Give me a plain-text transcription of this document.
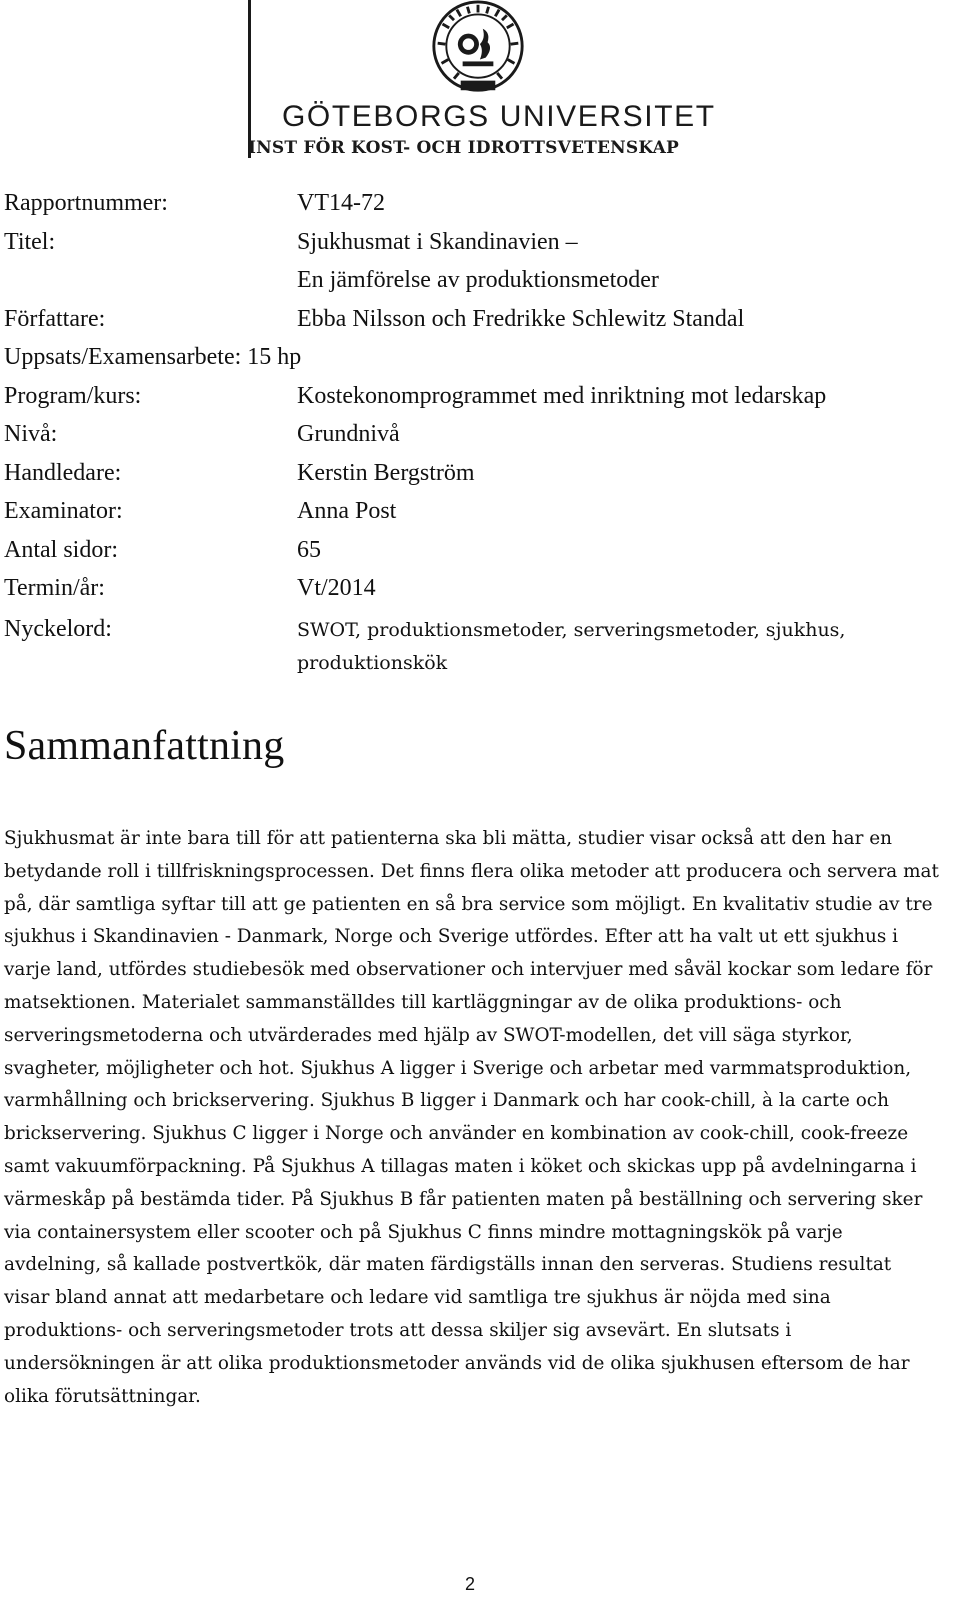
GÖTEBORGS UNIVERSITET
INST FÖR KOST- OCH IDROTTSVETENSKAP
Rapportnummer:	VT14-72
Titel:	Sjukhusmat i Skandinavien –
En jämförelse av produktionsmetoder
Författare:	Ebba Nilsson och Fredrikke Schlewitz Standal
Uppsats/Examensarbete: 15 hp
Program/kurs:	Kostekonomprogrammet med inriktning mot ledarskap
Nivå:	Grundnivå
Handledare:	Kerstin Bergström
Examinator:	Anna Post
Antal sidor:	65
Termin/år:	Vt/2014
Nyckelord:	SWOT, produktionsmetoder, serveringsmetoder, sjukhus, produktionskök
Sammanfattning

Sjukhusmat är inte bara till för att patienterna ska bli mätta, studier visar också att den har en betydande roll i tillfriskningsprocessen. Det finns flera olika metoder att producera och servera mat på, där samtliga syftar till att ge patienten en så bra service som möjligt. En kvalitativ studie av tre sjukhus i Skandinavien - Danmark, Norge och Sverige utfördes. Efter att ha valt ut ett sjukhus i varje land, utfördes studiebesök med observationer och intervjuer med såväl kockar som ledare för matsektionen. Materialet sammanställdes till kartläggningar av de olika produktions- och serveringsmetoderna och utvärderades med hjälp av SWOT-modellen, det vill säga styrkor, svagheter, möjligheter och hot. Sjukhus A ligger i Sverige och arbetar med varmmatsproduktion, varmhållning och brickservering. Sjukhus B ligger i Danmark och har cook-chill, à la carte och brickservering. Sjukhus C ligger i Norge och använder en kombination av cook-chill, cook-freeze samt vakuumförpackning. På Sjukhus A tillagas maten i köket och skickas upp på avdelningarna i värmeskåp på bestämda tider. På Sjukhus B får patienten maten på beställning och servering sker via containersystem eller scooter och på Sjukhus C finns mindre mottagningskök på varje avdelning, så kallade postvertkök, där maten färdigställs innan den serveras. Studiens resultat visar bland annat att medarbetare och ledare vid samtliga tre sjukhus är nöjda med sina produktions- och serveringsmetoder trots att dessa skiljer sig avsevärt. En slutsats i undersökningen är att olika produktionsmetoder används vid de olika sjukhusen eftersom de har olika förutsättningar.

2
